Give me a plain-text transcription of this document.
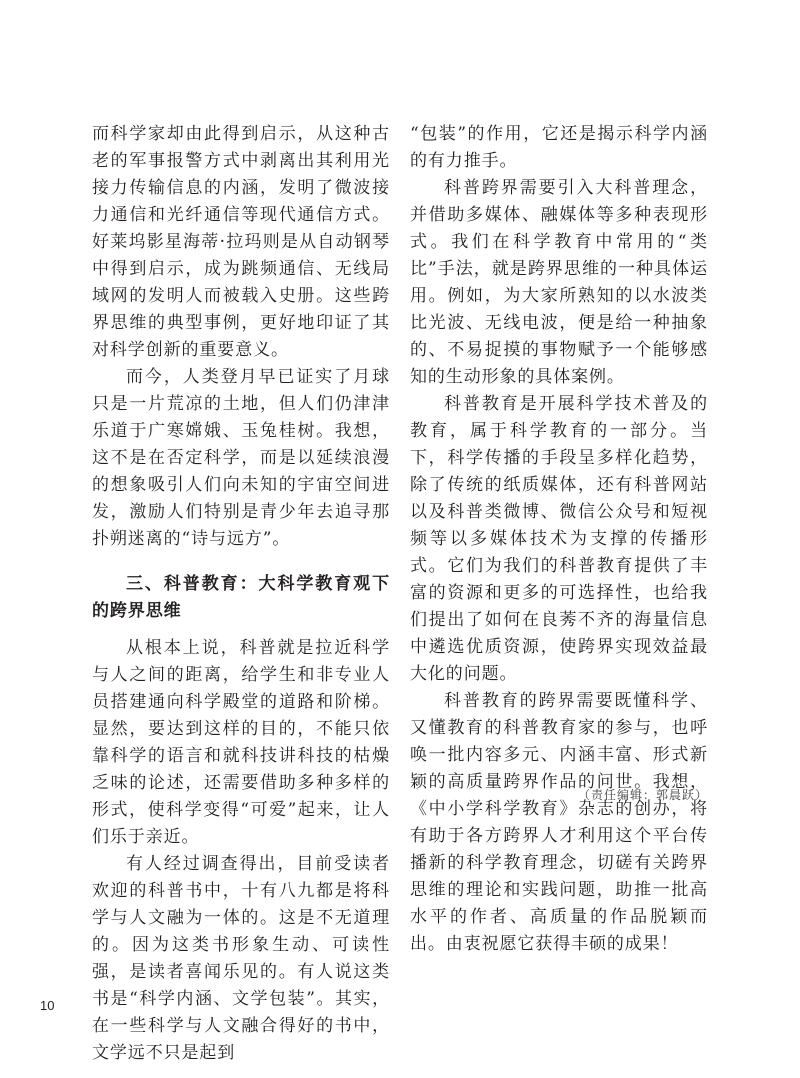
而科学家却由此得到启示，从这种古老的军事报警方式中剥离出其利用光接力传输信息的内涵，发明了微波接力通信和光纤通信等现代通信方式。好莱坞影星海蒂·拉玛则是从自动钢琴中得到启示，成为跳频通信、无线局域网的发明人而被载入史册。这些跨界思维的典型事例，更好地印证了其对科学创新的重要意义。

而今，人类登月早已证实了月球只是一片荒凉的土地，但人们仍津津乐道于广寒嫦娥、玉兔桂树。我想，这不是在否定科学，而是以延续浪漫的想象吸引人们向未知的宇宙空间进发，激励人们特别是青少年去追寻那扑朔迷离的“诗与远方”。

三、科普教育：大科学教育观下的跨界思维

从根本上说，科普就是拉近科学与人之间的距离，给学生和非专业人员搭建通向科学殿堂的道路和阶梯。显然，要达到这样的目的，不能只依靠科学的语言和就科技讲科技的枯燥乏味的论述，还需要借助多种多样的形式，使科学变得“可爱”起来，让人们乐于亲近。

有人经过调查得出，目前受读者欢迎的科普书中，十有八九都是将科学与人文融为一体的。这是不无道理的。因为这类书形象生动、可读性强，是读者喜闻乐见的。有人说这类书是“科学内涵、文学包装”。其实，在一些科学与人文融合得好的书中，文学远不只是起到

“包装”的作用，它还是揭示科学内涵的有力推手。

科普跨界需要引入大科普理念，并借助多媒体、融媒体等多种表现形式。我们在科学教育中常用的“类比”手法，就是跨界思维的一种具体运用。例如，为大家所熟知的以水波类比光波、无线电波，便是给一种抽象的、不易捉摸的事物赋予一个能够感知的生动形象的具体案例。

科普教育是开展科学技术普及的教育，属于科学教育的一部分。当下，科学传播的手段呈多样化趋势，除了传统的纸质媒体，还有科普网站以及科普类微博、微信公众号和短视频等以多媒体技术为支撑的传播形式。它们为我们的科普教育提供了丰富的资源和更多的可选择性，也给我们提出了如何在良莠不齐的海量信息中遴选优质资源，使跨界实现效益最大化的问题。

科普教育的跨界需要既懂科学、又懂教育的科普教育家的参与，也呼唤一批内容多元、内涵丰富、形式新颖的高质量跨界作品的问世。我想，《中小学科学教育》杂志的创办，将有助于各方跨界人才利用这个平台传播新的科学教育理念，切磋有关跨界思维的理论和实践问题，助推一批高水平的作者、高质量的作品脱颖而出。由衷祝愿它获得丰硕的成果！

（责任编辑：郭晨跃）
10
